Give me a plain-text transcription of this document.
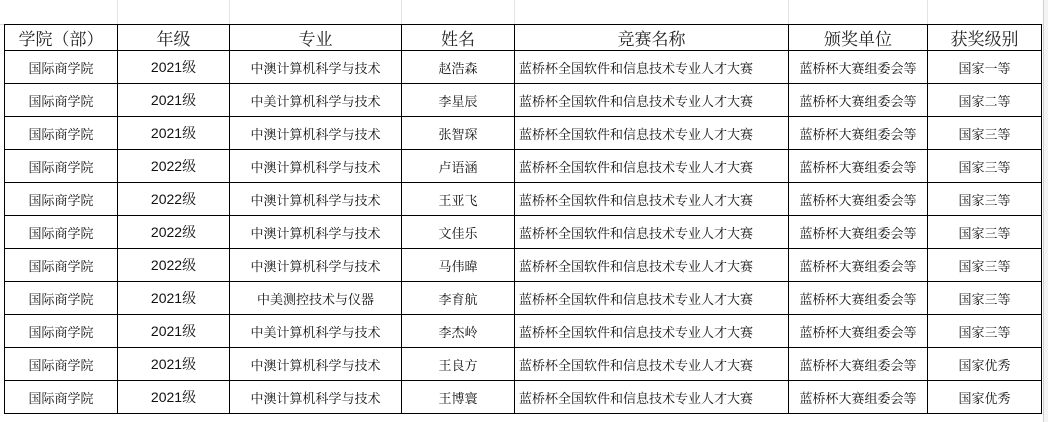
学院（部）	年级	专业	姓名	竞赛名称	颁奖单位	获奖级别
国际商学院	2021级	中澳计算机科学与技术	赵浩森	蓝桥杯全国软件和信息技术专业人才大赛	蓝桥杯大赛组委会等	国家一等
国际商学院	2021级	中美计算机科学与技术	李星辰	蓝桥杯全国软件和信息技术专业人才大赛	蓝桥杯大赛组委会等	国家二等
国际商学院	2021级	中澳计算机科学与技术	张智琛	蓝桥杯全国软件和信息技术专业人才大赛	蓝桥杯大赛组委会等	国家三等
国际商学院	2022级	中澳计算机科学与技术	卢语涵	蓝桥杯全国软件和信息技术专业人才大赛	蓝桥杯大赛组委会等	国家三等
国际商学院	2022级	中澳计算机科学与技术	王亚飞	蓝桥杯全国软件和信息技术专业人才大赛	蓝桥杯大赛组委会等	国家三等
国际商学院	2022级	中澳计算机科学与技术	文佳乐	蓝桥杯全国软件和信息技术专业人才大赛	蓝桥杯大赛组委会等	国家三等
国际商学院	2022级	中澳计算机科学与技术	马伟暐	蓝桥杯全国软件和信息技术专业人才大赛	蓝桥杯大赛组委会等	国家三等
国际商学院	2021级	中美测控技术与仪器	李育航	蓝桥杯全国软件和信息技术专业人才大赛	蓝桥杯大赛组委会等	国家三等
国际商学院	2021级	中美计算机科学与技术	李杰岭	蓝桥杯全国软件和信息技术专业人才大赛	蓝桥杯大赛组委会等	国家三等
国际商学院	2021级	中澳计算机科学与技术	王良方	蓝桥杯全国软件和信息技术专业人才大赛	蓝桥杯大赛组委会等	国家优秀
国际商学院	2021级	中澳计算机科学与技术	王博寰	蓝桥杯全国软件和信息技术专业人才大赛	蓝桥杯大赛组委会等	国家优秀
